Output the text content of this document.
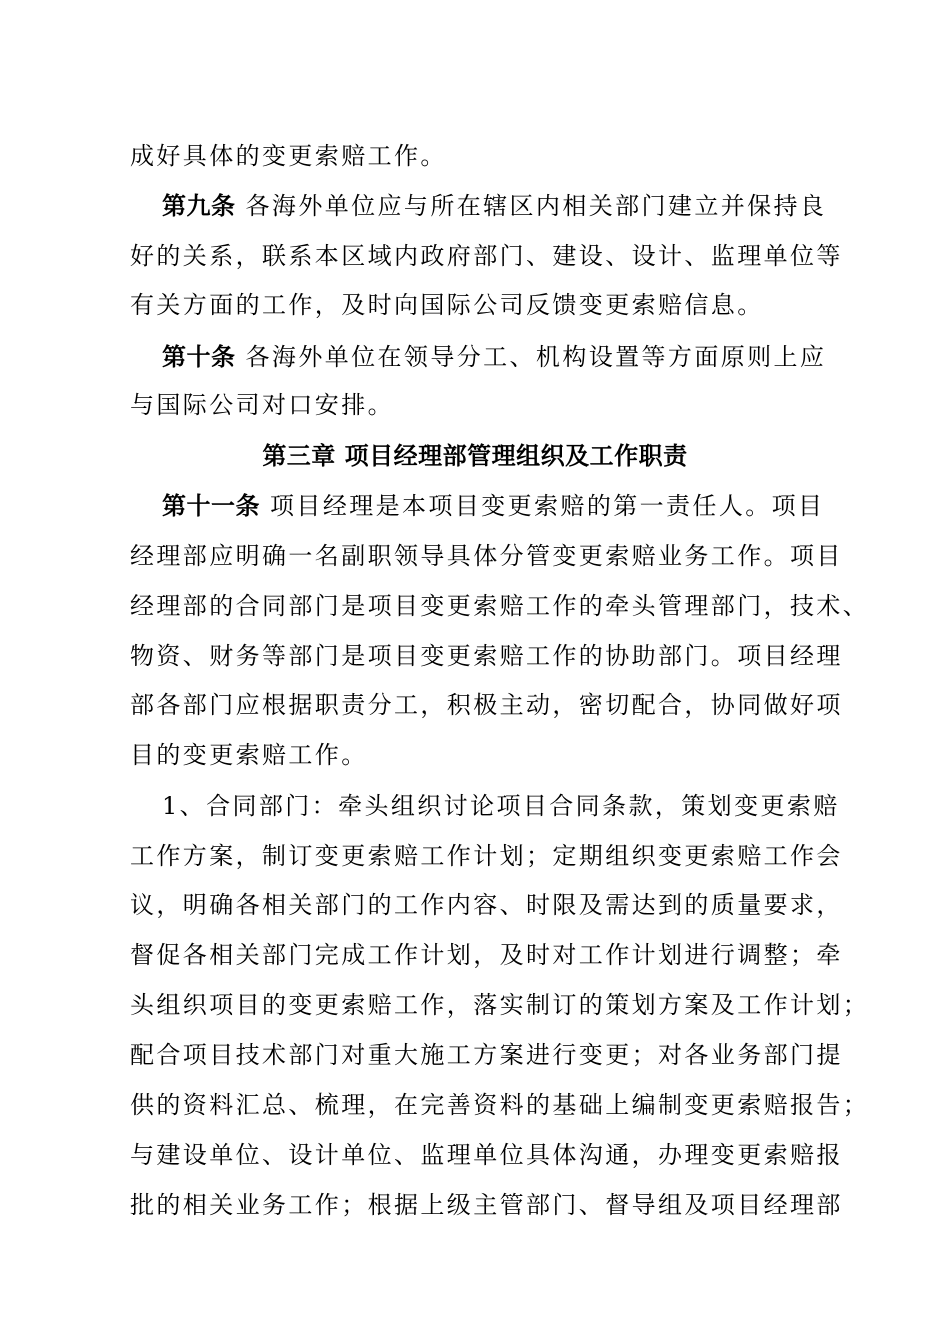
成好具体的变更索赔工作。
第九条 各海外单位应与所在辖区内相关部门建立并保持良
好的关系，联系本区域内政府部门、建设、设计、监理单位等
有关方面的工作，及时向国际公司反馈变更索赔信息。
第十条 各海外单位在领导分工、机构设置等方面原则上应
与国际公司对口安排。
第三章 项目经理部管理组织及工作职责
第十一条 项目经理是本项目变更索赔的第一责任人。项目
经理部应明确一名副职领导具体分管变更索赔业务工作。项目
经理部的合同部门是项目变更索赔工作的牵头管理部门，技术、
物资、财务等部门是项目变更索赔工作的协助部门。项目经理
部各部门应根据职责分工，积极主动，密切配合，协同做好项
目的变更索赔工作。
1、合同部门：牵头组织讨论项目合同条款，策划变更索赔
工作方案，制订变更索赔工作计划；定期组织变更索赔工作会
议，明确各相关部门的工作内容、时限及需达到的质量要求，
督促各相关部门完成工作计划，及时对工作计划进行调整；牵
头组织项目的变更索赔工作，落实制订的策划方案及工作计划；
配合项目技术部门对重大施工方案进行变更；对各业务部门提
供的资料汇总、梳理，在完善资料的基础上编制变更索赔报告；
与建设单位、设计单位、监理单位具体沟通，办理变更索赔报
批的相关业务工作；根据上级主管部门、督导组及项目经理部
